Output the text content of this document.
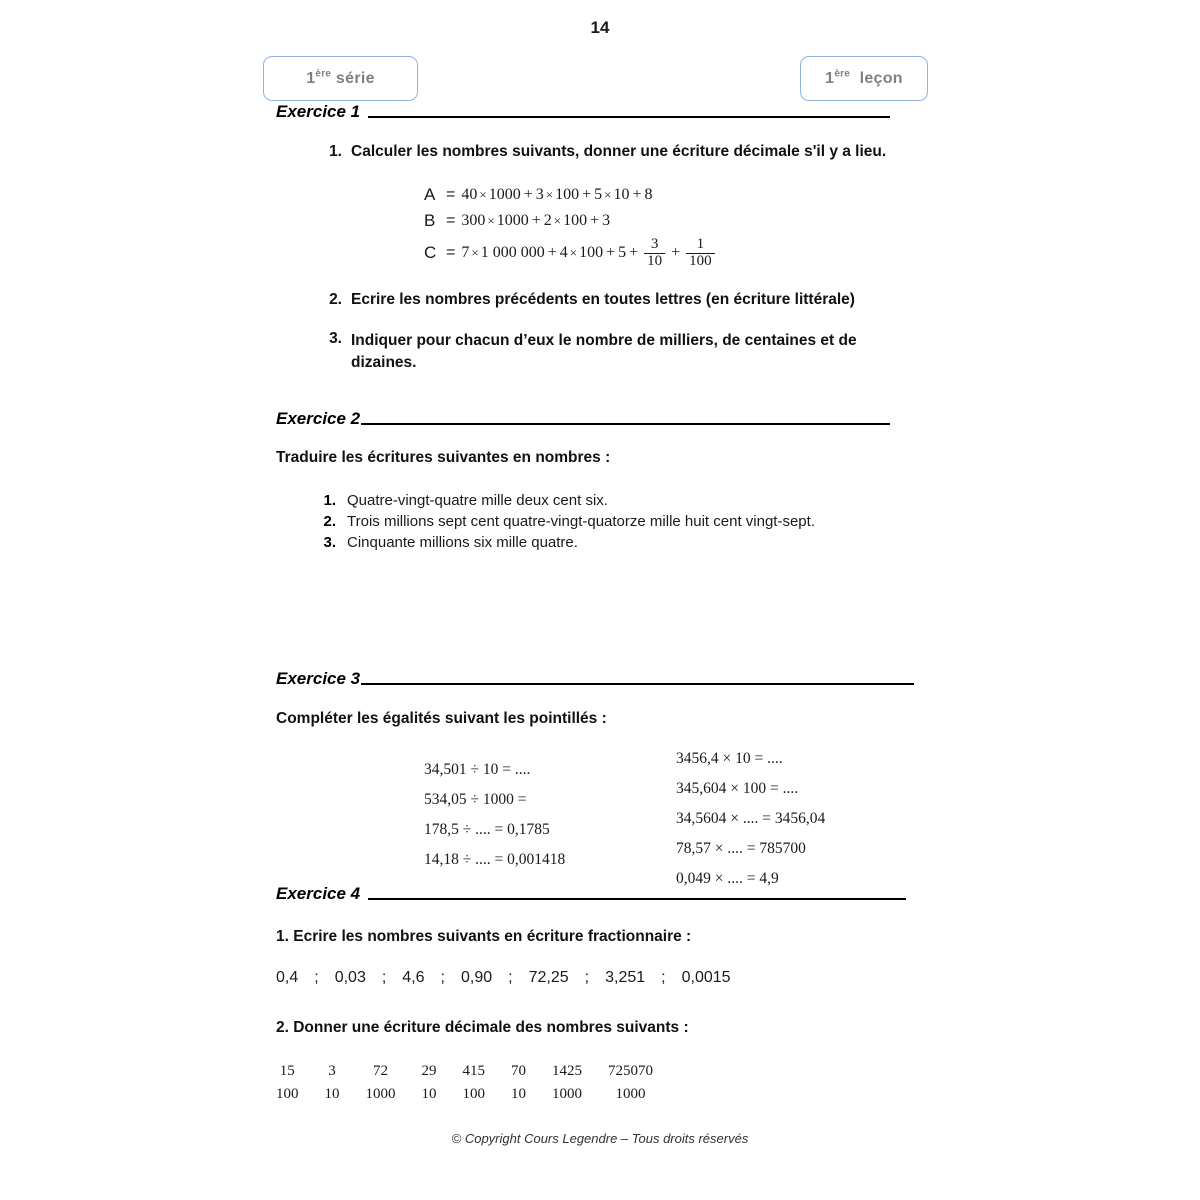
14
1ère série	1ère leçon
Exercice 1
1. Calculer les nombres suivants, donner une écriture décimale s'il y a lieu.
2. Ecrire les nombres précédents en toutes lettres (en écriture littérale)
3. Indiquer pour chacun d’eux le nombre de milliers, de centaines et de dizaines.
A = 40 × 1000 + 3 × 100 + 5 × 10 + 8
B = 300 × 1000 + 2 × 100 + 3
C = 7 × 1 000 $000 + 4 \times 100 + 5 + \frac{3}{10} + \frac{1}{100}$
Exercice 2
Traduire les écritures suivantes en nombres :
1. Quatre-vingt-quatre mille deux cent six.
2. Trois millions sept cent quatre-vingt-quatorze mille huit cent vingt-sept.
3. Cinquante millions six mille quatre.
Exercice 3
Compléter les égalités suivant les pointillés :
34,501 ÷ 10 = ....
534,05 ÷ 1000 =
178,5 ÷ .... = 0,1785
14,18 ÷ .... = 0,001418
3456,4 × 10 = ....
345,604 × 100 = ....
34,5604 × .... = 3456,04
78,57 × .... = 785700
0,049 × .... = 4,9
Exercice 4
1. Ecrire les nombres suivants en écriture fractionnaire :
0,4	;	0,03	;	4,6	;	0,90	;	72,25	;	3,251	;	0,0015
2. Donner une écriture décimale des nombres suivants :
15
100
3
10
72
1000
29
10
415
100
70
10
1425
1000
725070
1000
© Copyright Cours Legendre – Tous droits réservés
